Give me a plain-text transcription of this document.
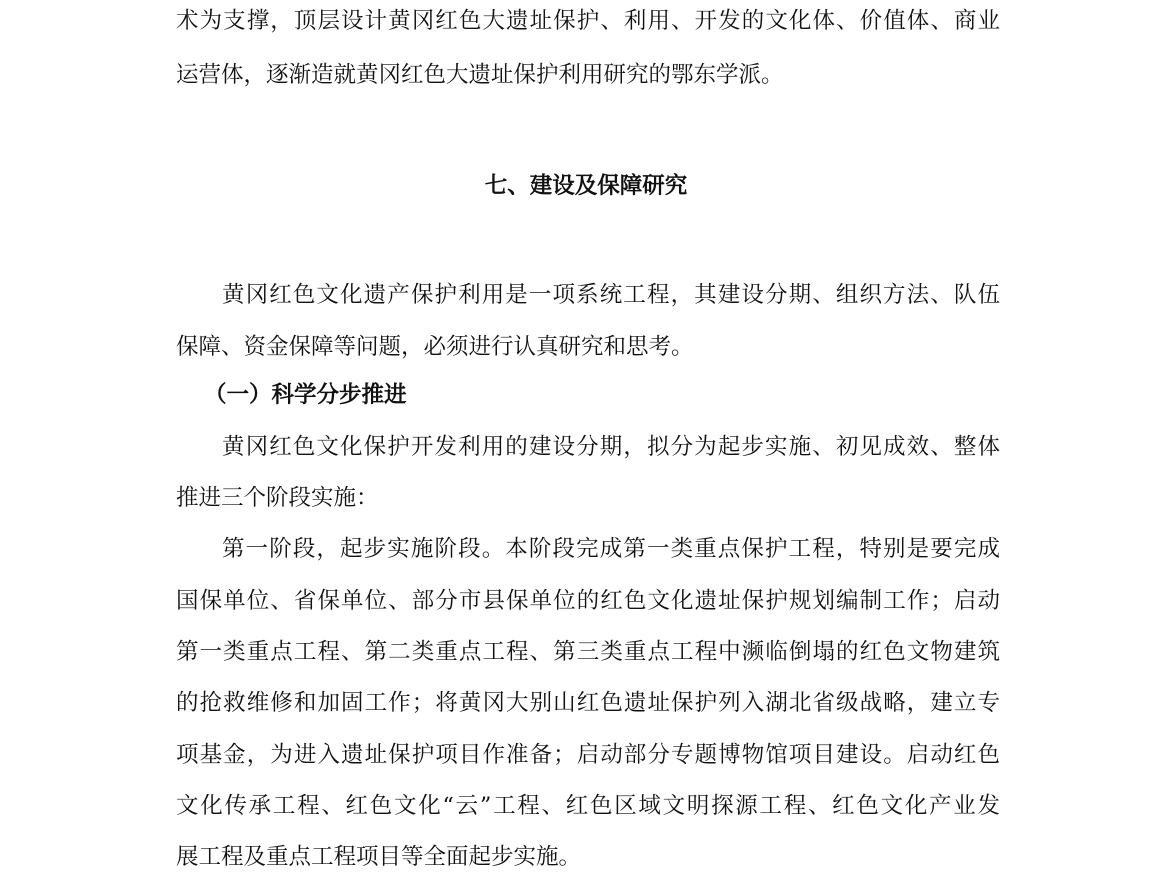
术为支撑，顶层设计黄冈红色大遗址保护、利用、开发的文化体、价值体、商业
运营体，逐渐造就黄冈红色大遗址保护利用研究的鄂东学派。
七、建设及保障研究
黄冈红色文化遗产保护利用是一项系统工程，其建设分期、组织方法、队伍
保障、资金保障等问题，必须进行认真研究和思考。
（一）科学分步推进
黄冈红色文化保护开发利用的建设分期，拟分为起步实施、初见成效、整体
推进三个阶段实施：
第一阶段，起步实施阶段。本阶段完成第一类重点保护工程，特别是要完成
国保单位、省保单位、部分市县保单位的红色文化遗址保护规划编制工作；启动
第一类重点工程、第二类重点工程、第三类重点工程中濒临倒塌的红色文物建筑
的抢救维修和加固工作；将黄冈大别山红色遗址保护列入湖北省级战略，建立专
项基金，为进入遗址保护项目作准备；启动部分专题博物馆项目建设。启动红色
文化传承工程、红色文化“云”工程、红色区域文明探源工程、红色文化产业发
展工程及重点工程项目等全面起步实施。
